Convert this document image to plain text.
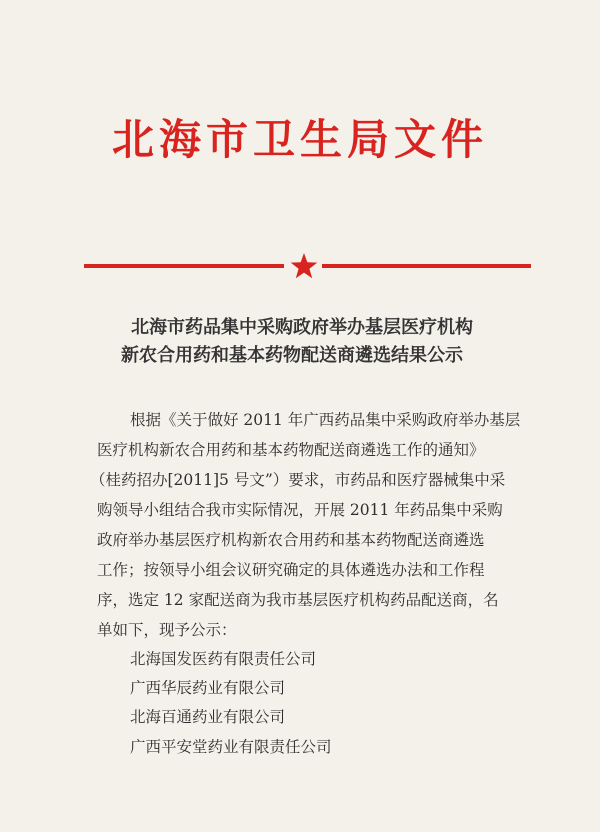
北海市卫生局文件
北海市药品集中采购政府举办基层医疗机构
新农合用药和基本药物配送商遴选结果公示
根据《关于做好 2011 年广西药品集中采购政府举办基层
医疗机构新农合用药和基本药物配送商遴选工作的通知》
（桂药招办[2011]5 号文”）要求，市药品和医疗器械集中采
购领导小组结合我市实际情况，开展 2011 年药品集中采购
政府举办基层医疗机构新农合用药和基本药物配送商遴选
工作；按领导小组会议研究确定的具体遴选办法和工作程
序，选定 12 家配送商为我市基层医疗机构药品配送商，名
单如下，现予公示：
北海国发医药有限责任公司
广西华辰药业有限公司
北海百通药业有限公司
广西平安堂药业有限责任公司
